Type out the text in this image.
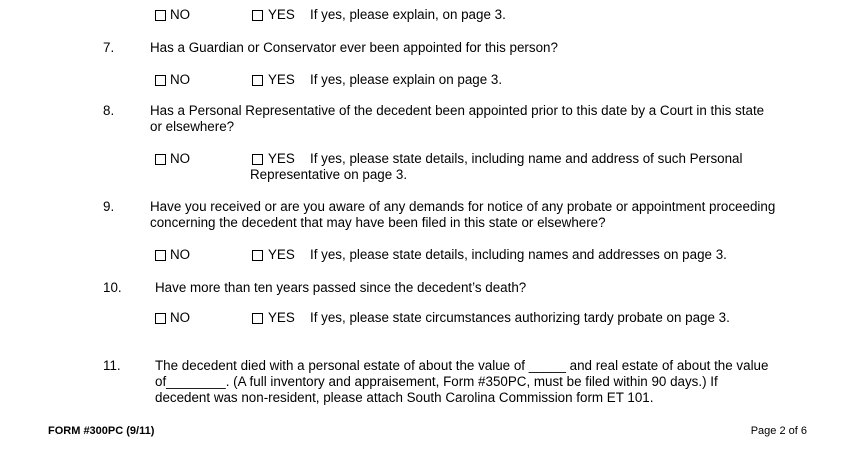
NO	YES If yes, please explain, on page 3.
7.	Has a Guardian or Conservator ever been appointed for this person?
NO	YES If yes, please explain on page 3.
8.	Has a Personal Representative of the decedent been appointed prior to this date by a Court in this state
or elsewhere?
NO	YES If yes, please state details, including name and address of such Personal
Representative on page 3.
9.	Have you received or are you aware of any demands for notice of any probate or appointment proceeding
concerning the decedent that may have been filed in this state or elsewhere?
NO	YES If yes, please state details, including names and addresses on page 3.
10. Have more than ten years passed since the decedent’s death?
NO	YES If yes, please state circumstances authorizing tardy probate on page 3.
11.	The decedent died with a personal estate of about the value of _____ and real estate of about the value
of________. (A full inventory and appraisement, Form #350PC, must be filed within 90 days.) If
decedent was non-resident, please attach South Carolina Commission form ET 101.
FORM #300PC (9/11)	Page 2 of 6
